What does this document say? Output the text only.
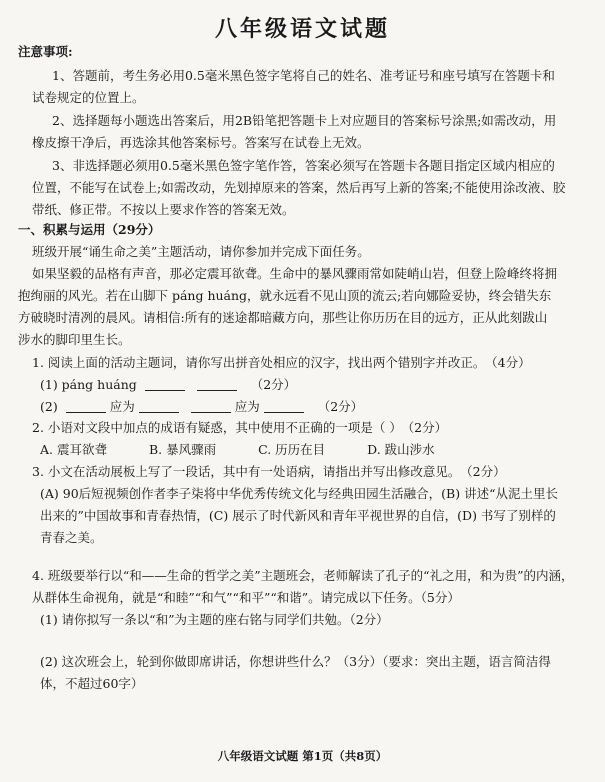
八年级语文试题
注意事项:
1、答题前，考生务必用0.5毫米黑色签字笔将自己的姓名、准考证号和座号填写在答题卡和
试卷规定的位置上。
2、选择题每小题选出答案后，用2B铅笔把答题卡上对应题目的答案标号涂黑;如需改动，用
橡皮擦干净后，再选涂其他答案标号。答案写在试卷上无效。
3、非选择题必须用0.5毫米黑色签字笔作答，答案必须写在答题卡各题目指定区域内相应的
位置，不能写在试卷上;如需改动，先划掉原来的答案，然后再写上新的答案;不能使用涂改液、胶
带纸、修正带。不按以上要求作答的答案无效。
一、积累与运用（29分）
班级开展“诵生命之美”主题活动，请你参加并完成下面任务。
如果坚毅的品格有声音，那必定震耳欲聋。生命中的暴风骤雨常如陡峭山岩，但登上险峰终将拥
抱绚丽的风光。若在山脚下 páng huáng，就永远看不见山顶的流云;若向娜险妥协，终会错失东
方破晓时清冽的晨风。请相信:所有的迷途都暗藏方向，那些让你历历在目的远方，正从此刻跋山
涉水的脚印里生长。
1. 阅读上面的活动主题词，请你写出拼音处相应的汉字，找出两个错别字并改正。 （4分）
(1) páng huáng	（2分）
(2)	应为	应为	（2分）
2. 小语对文段中加点的成语有疑惑，其中使用不正确的一项是（ ） （2分）
A. 震耳欲聋	B. 暴风骤雨	C. 历历在目	D. 跋山涉水
3. 小文在活动展板上写了一段话，其中有一处语病，请指出并写出修改意见。 （2分）
(A) 90后短视频创作者李子柒将中华优秀传统文化与经典田园生活融合，(B) 讲述“从泥土里长
出来的”中国故事和青春热情，(C) 展示了时代新风和青年平视世界的自信，(D) 书写了别样的
青春之美。
4. 班级要举行以“和——生命的哲学之美”主题班会，老师解读了孔子的“礼之用，和为贵”的内涵，
从群体生命视角，就是“和睦”“和气”“和平”“和谐”。请完成以下任务。（5分）
(1) 请你拟写一条以“和”为主题的座右铭与同学们共勉。（2分）
(2) 这次班会上，轮到你做即席讲话，你想讲些什么？（3分）（要求：突出主题，语言简洁得
体，不超过60字）
八年级语文试题 第1页（共8页）
